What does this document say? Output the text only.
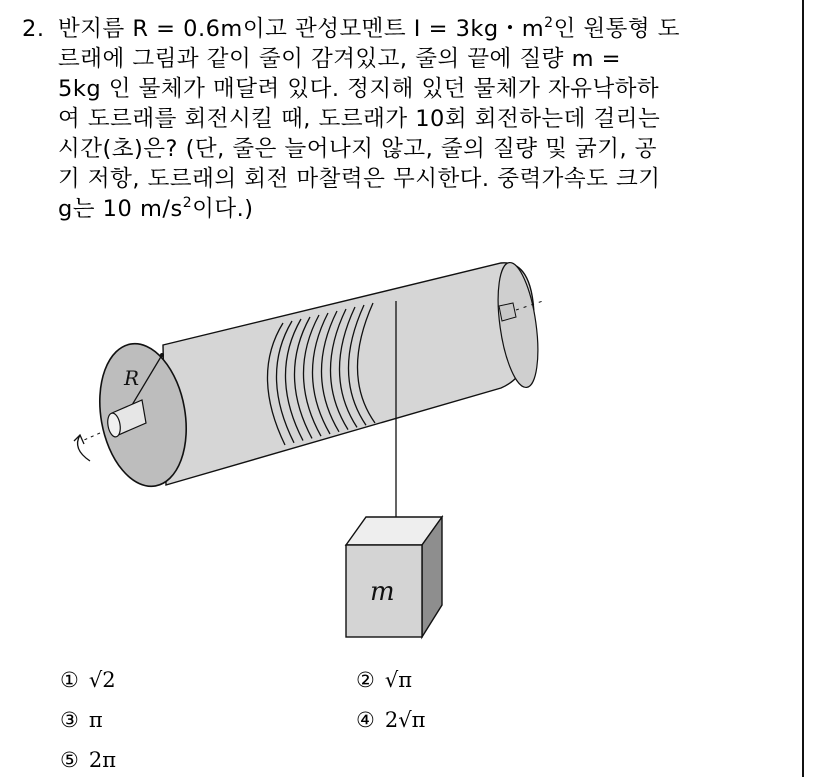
2. 반지름 R = 0.6m이고 관성모멘트 I = 3kg・$m^2$인 원통형 도
르래에 그림과 같이 줄이 감겨있고, 줄의 끝에 질량 m =
5kg 인 물체가 매달려 있다. 정지해 있던 물체가 자유낙하하
여 도르래를 회전시킬 때, 도르래가 10회 회전하는데 걸리는
시간(초)은? (단, 줄은 늘어나지 않고, 줄의 질량 및 굵기, 공
기 저항, 도르래의 회전 마찰력은 무시한다. 중력가속도 크기
g는 10 $m/s^2$이다.)
R
m
① √2	② √π
③ π	④ 2√π
⑤ 2π
